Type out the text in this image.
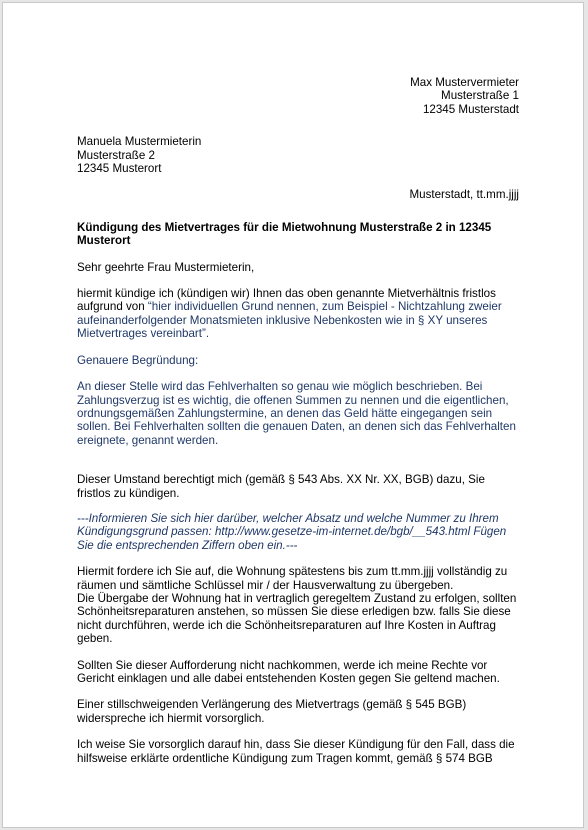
Max Mustervermieter
Musterstraße 1
12345 Musterstadt
Manuela Mustermieterin
Musterstraße 2
12345 Musterort
Musterstadt, tt.mm.jjjj

Kündigung des Mietvertrages für die Mietwohnung Musterstraße 2 in 12345 Musterort

Sehr geehrte Frau Mustermieterin,

hiermit kündige ich (kündigen wir) Ihnen das oben genannte Mietverhältnis fristlos aufgrund von “hier individuellen Grund nennen, zum Beispiel - Nichtzahlung zweier aufeinanderfolgender Monatsmieten inklusive Nebenkosten wie in § XY unseres Mietvertrages vereinbart”.

Genauere Begründung:

An dieser Stelle wird das Fehlverhalten so genau wie möglich beschrieben. Bei Zahlungsverzug ist es wichtig, die offenen Summen zu nennen und die eigentlichen, ordnungsgemäßen Zahlungstermine, an denen das Geld hätte eingegangen sein sollen. Bei Fehlverhalten sollten die genauen Daten, an denen sich das Fehlverhalten ereignete, genannt werden.

Dieser Umstand berechtigt mich (gemäß § 543 Abs. XX Nr. XX, BGB) dazu, Sie fristlos zu kündigen.

---Informieren Sie sich hier darüber, welcher Absatz und welche Nummer zu Ihrem Kündigungsgrund passen: http://www.gesetze-im-internet.de/bgb/__543.html Fügen Sie die entsprechenden Ziffern oben ein.---

Hiermit fordere ich Sie auf, die Wohnung spätestens bis zum tt.mm.jjjj vollständig zu räumen und sämtliche Schlüssel mir / der Hausverwaltung zu übergeben.
Die Übergabe der Wohnung hat in vertraglich geregeltem Zustand zu erfolgen, sollten Schönheitsreparaturen anstehen, so müssen Sie diese erledigen bzw. falls Sie diese nicht durchführen, werde ich die Schönheitsreparaturen auf Ihre Kosten in Auftrag geben.

Sollten Sie dieser Aufforderung nicht nachkommen, werde ich meine Rechte vor Gericht einklagen und alle dabei entstehenden Kosten gegen Sie geltend machen.

Einer stillschweigenden Verlängerung des Mietvertrags (gemäß § 545 BGB) widerspreche ich hiermit vorsorglich.

Ich weise Sie vorsorglich darauf hin, dass Sie dieser Kündigung für den Fall, dass die hilfsweise erklärte ordentliche Kündigung zum Tragen kommt, gemäß § 574 BGB
